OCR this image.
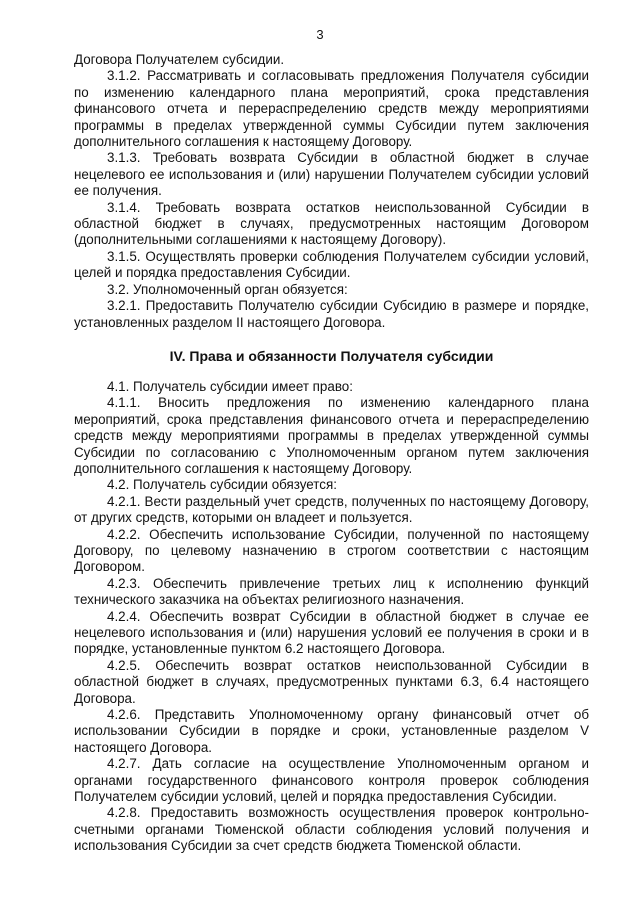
3

Договора Получателем субсидии.

3.1.2. Рассматривать и согласовывать предложения Получателя субсидии по изменению календарного плана мероприятий, срока представления финансового отчета и перераспределению средств между мероприятиями программы в пределах утвержденной суммы Субсидии путем заключения дополнительного соглашения к настоящему Договору.

3.1.3. Требовать возврата Субсидии в областной бюджет в случае нецелевого ее использования и (или) нарушении Получателем субсидии условий ее получения.

3.1.4. Требовать возврата остатков неиспользованной Субсидии в областной бюджет в случаях, предусмотренных настоящим Договором (дополнительными соглашениями к настоящему Договору).

3.1.5. Осуществлять проверки соблюдения Получателем субсидии условий, целей и порядка предоставления Субсидии.

3.2. Уполномоченный орган обязуется:

3.2.1. Предоставить Получателю субсидии Субсидию в размере и порядке, установленных разделом II настоящего Договора.

IV. Права и обязанности Получателя субсидии

4.1. Получатель субсидии имеет право:

4.1.1. Вносить предложения по изменению календарного плана мероприятий, срока представления финансового отчета и перераспределению средств между мероприятиями программы в пределах утвержденной суммы Субсидии по согласованию с Уполномоченным органом путем заключения дополнительного соглашения к настоящему Договору.

4.2. Получатель субсидии обязуется:

4.2.1. Вести раздельный учет средств, полученных по настоящему Договору, от других средств, которыми он владеет и пользуется.

4.2.2. Обеспечить использование Субсидии, полученной по настоящему Договору, по целевому назначению в строгом соответствии с настоящим Договором.

4.2.3. Обеспечить привлечение третьих лиц к исполнению функций технического заказчика на объектах религиозного назначения.

4.2.4. Обеспечить возврат Субсидии в областной бюджет в случае ее нецелевого использования и (или) нарушения условий ее получения в сроки и в порядке, установленные пунктом 6.2 настоящего Договора.

4.2.5. Обеспечить возврат остатков неиспользованной Субсидии в областной бюджет в случаях, предусмотренных пунктами 6.3, 6.4 настоящего Договора.

4.2.6. Представить Уполномоченному органу финансовый отчет об использовании Субсидии в порядке и сроки, установленные разделом V настоящего Договора.

4.2.7. Дать согласие на осуществление Уполномоченным органом и органами государственного финансового контроля проверок соблюдения Получателем субсидии условий, целей и порядка предоставления Субсидии.

4.2.8. Предоставить возможность осуществления проверок контрольно-счетными органами Тюменской области соблюдения условий получения и использования Субсидии за счет средств бюджета Тюменской области.
